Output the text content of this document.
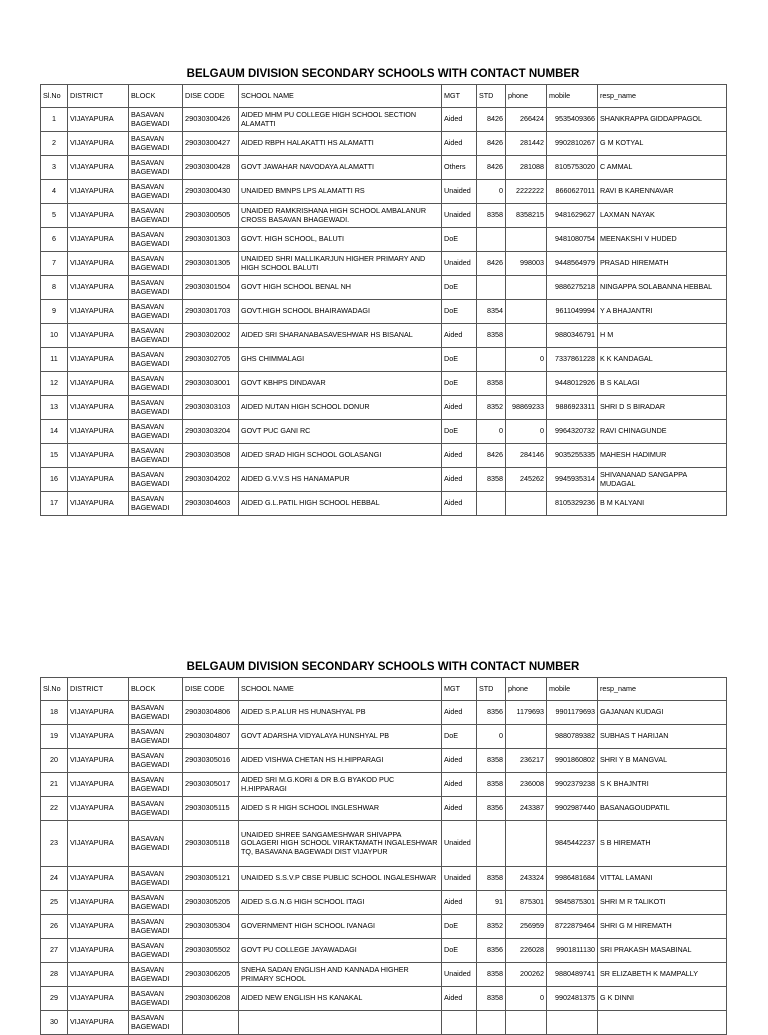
BELGAUM DIVISION SECONDARY SCHOOLS WITH CONTACT NUMBER
Sl.No	DISTRICT	BLOCK	DISE CODE	SCHOOL NAME	MGT	STD	phone	mobile	resp_name
1	VIJAYAPURA	BASAVAN BAGEWADI	29030300426	AIDED MHM PU COLLEGE HIGH SCHOOL SECTION ALAMATTI	Aided	8426	266424	9535409366	SHANKRAPPA GIDDAPPAGOL
2	VIJAYAPURA	BASAVAN BAGEWADI	29030300427	AIDED RBPH HALAKATTI HS ALAMATTI	Aided	8426	281442	9902810267	G M KOTYAL
3	VIJAYAPURA	BASAVAN BAGEWADI	29030300428	GOVT JAWAHAR NAVODAYA ALAMATTI	Others	8426	281088	8105753020	C AMMAL
4	VIJAYAPURA	BASAVAN BAGEWADI	29030300430	UNAIDED BMNPS LPS ALAMATTI RS	Unaided	0	2222222	8660627011	RAVI B KARENNAVAR
5	VIJAYAPURA	BASAVAN BAGEWADI	29030300505	UNAIDED RAMKRISHANA HIGH SCHOOL AMBALANUR CROSS BASAVAN BHAGEWADI.	Unaided	8358	8358215	9481629627	LAXMAN NAYAK
6	VIJAYAPURA	BASAVAN BAGEWADI	29030301303	GOVT. HIGH SCHOOL, BALUTI	DoE			9481080754	MEENAKSHI V HUDED
7	VIJAYAPURA	BASAVAN BAGEWADI	29030301305	UNAIDED SHRI MALLIKARJUN HIGHER PRIMARY AND HIGH SCHOOL BALUTI	Unaided	8426	998003	9448564979	PRASAD HIREMATH
8	VIJAYAPURA	BASAVAN BAGEWADI	29030301504	GOVT HIGH SCHOOL BENAL NH	DoE			9886275218	NINGAPPA SOLABANNA HEBBAL
9	VIJAYAPURA	BASAVAN BAGEWADI	29030301703	GOVT.HIGH SCHOOL BHAIRAWADAGI	DoE	8354		9611049994	Y A BHAJANTRI
10	VIJAYAPURA	BASAVAN BAGEWADI	29030302002	AIDED SRI SHARANABASAVESHWAR HS BISANAL	Aided	8358		9880346791	H M
11	VIJAYAPURA	BASAVAN BAGEWADI	29030302705	GHS CHIMMALAGI	DoE		0	7337861228	K K KANDAGAL
12	VIJAYAPURA	BASAVAN BAGEWADI	29030303001	GOVT KBHPS DINDAVAR	DoE	8358		9448012926	B S KALAGI
13	VIJAYAPURA	BASAVAN BAGEWADI	29030303103	AIDED NUTAN HIGH SCHOOL DONUR	Aided	8352	98869233	9886923311	SHRI D S BIRADAR
14	VIJAYAPURA	BASAVAN BAGEWADI	29030303204	GOVT PUC GANI RC	DoE	0	0	9964320732	RAVI CHINAGUNDE
15	VIJAYAPURA	BASAVAN BAGEWADI	29030303508	AIDED SRAD HIGH SCHOOL GOLASANGI	Aided	8426	284146	9035255335	MAHESH HADIMUR
16	VIJAYAPURA	BASAVAN BAGEWADI	29030304202	AIDED G.V.V.S HS HANAMAPUR	Aided	8358	245262	9945935314	SHIVANANAD SANGAPPA MUDAGAL
17	VIJAYAPURA	BASAVAN BAGEWADI	29030304603	AIDED G.L.PATIL HIGH SCHOOL HEBBAL	Aided			8105329236	B M KALYANI
BELGAUM DIVISION SECONDARY SCHOOLS WITH CONTACT NUMBER
Sl.No	DISTRICT	BLOCK	DISE CODE	SCHOOL NAME	MGT	STD	phone	mobile	resp_name
18	VIJAYAPURA	BASAVAN BAGEWADI	29030304806	AIDED S.P.ALUR HS HUNASHYAL PB	Aided	8356	1179693	9901179693	GAJANAN KUDAGI
19	VIJAYAPURA	BASAVAN BAGEWADI	29030304807	GOVT ADARSHA VIDYALAYA HUNSHYAL PB	DoE	0		9880789382	SUBHAS T HARIJAN
20	VIJAYAPURA	BASAVAN BAGEWADI	29030305016	AIDED VISHWA CHETAN HS H.HIPPARAGI	Aided	8358	236217	9901860802	SHRI Y B MANGVAL
21	VIJAYAPURA	BASAVAN BAGEWADI	29030305017	AIDED SRI M.G.KORI & DR B.G BYAKOD PUC H.HIPPARAGI	Aided	8358	236008	9902379238	S K BHAJNTRI
22	VIJAYAPURA	BASAVAN BAGEWADI	29030305115	AIDED S R HIGH SCHOOL INGLESHWAR	Aided	8356	243387	9902987440	BASANAGOUDPATIL
23	VIJAYAPURA	BASAVAN BAGEWADI	29030305118	UNAIDED SHREE SANGAMESHWAR SHIVAPPA GOLAGERI HIGH SCHOOL VIRAKTAMATH INGALESHWAR TQ, BASAVANA BAGEWADI DIST VIJAYPUR	Unaided			9845442237	S B HIREMATH
24	VIJAYAPURA	BASAVAN BAGEWADI	29030305121	UNAIDED S.S.V.P CBSE PUBLIC SCHOOL INGALESHWAR	Unaided	8358	243324	9986481684	VITTAL LAMANI
25	VIJAYAPURA	BASAVAN BAGEWADI	29030305205	AIDED S.G.N.G HIGH SCHOOL ITAGI	Aided	91	875301	9845875301	SHRI M R TALIKOTI
26	VIJAYAPURA	BASAVAN BAGEWADI	29030305304	GOVERNMENT HIGH SCHOOL IVANAGI	DoE	8352	256959	8722879464	SHRI G M HIREMATH
27	VIJAYAPURA	BASAVAN BAGEWADI	29030305502	GOVT PU COLLEGE JAYAWADAGI	DoE	8356	226028	9901811130	SRI PRAKASH MASABINAL
28	VIJAYAPURA	BASAVAN BAGEWADI	29030306205	SNEHA SADAN ENGLISH AND KANNADA HIGHER PRIMARY SCHOOL	Unaided	8358	200262	9880489741	SR ELIZABETH K MAMPALLY
29	VIJAYAPURA	BASAVAN BAGEWADI	29030306208	AIDED NEW ENGLISH HS KANAKAL	Aided	8358	0	9902481375	G K DINNI
30	VIJAYAPURA	BASAVAN BAGEWADI							
